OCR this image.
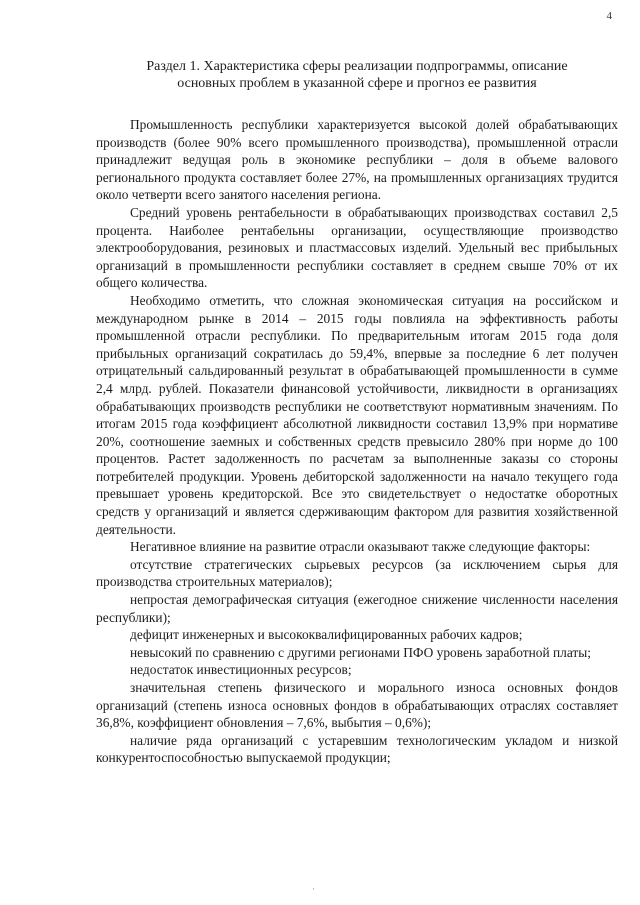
4
Раздел 1. Характеристика сферы реализации подпрограммы, описание
основных проблем в указанной сфере и прогноз ее развития

Промышленность республики характеризуется высокой долей обрабатывающих производств (более 90% всего промышленного производства), промышленной отрасли принадлежит ведущая роль в экономике республики – доля в объеме валового регионального продукта составляет более 27%, на промышленных организациях трудится около четверти всего занятого населения региона.

Средний уровень рентабельности в обрабатывающих производствах составил 2,5 процента. Наиболее рентабельны организации, осуществляющие производство электрооборудования, резиновых и пластмассовых изделий. Удельный вес прибыльных организаций в промышленности республики составляет в среднем свыше 70% от их общего количества.

Необходимо отметить, что сложная экономическая ситуация на российском и международном рынке в 2014 – 2015 годы повлияла на эффективность работы промышленной отрасли республики. По предварительным итогам 2015 года доля прибыльных организаций сократилась до 59,4%, впервые за последние 6 лет получен отрицательный сальдированный результат в обрабатывающей промышленности в сумме 2,4 млрд. рублей. Показатели финансовой устойчивости, ликвидности в организациях обрабатывающих производств республики не соответствуют нормативным значениям. По итогам 2015 года коэффициент абсолютной ликвидности составил 13,9% при нормативе 20%, соотношение заемных и собственных средств превысило 280% при норме до 100 процентов. Растет задолженность по расчетам за выполненные заказы со стороны потребителей продукции. Уровень дебиторской задолженности на начало текущего года превышает уровень кредиторской. Все это свидетельствует о недостатке оборотных средств у организаций и является сдерживающим фактором для развития хозяйственной деятельности.

Негативное влияние на развитие отрасли оказывают также следующие факторы:

отсутствие стратегических сырьевых ресурсов (за исключением сырья для производства строительных материалов);

непростая демографическая ситуация (ежегодное снижение численности населения республики);

дефицит инженерных и высококвалифицированных рабочих кадров;

невысокий по сравнению с другими регионами ПФО уровень заработной платы;

недостаток инвестиционных ресурсов;

значительная степень физического и морального износа основных фондов организаций (степень износа основных фондов в обрабатывающих отраслях составляет 36,8%, коэффициент обновления – 7,6%, выбытия – 0,6%);

наличие ряда организаций с устаревшим технологическим укладом и низкой конкурентоспособностью выпускаемой продукции;

·
